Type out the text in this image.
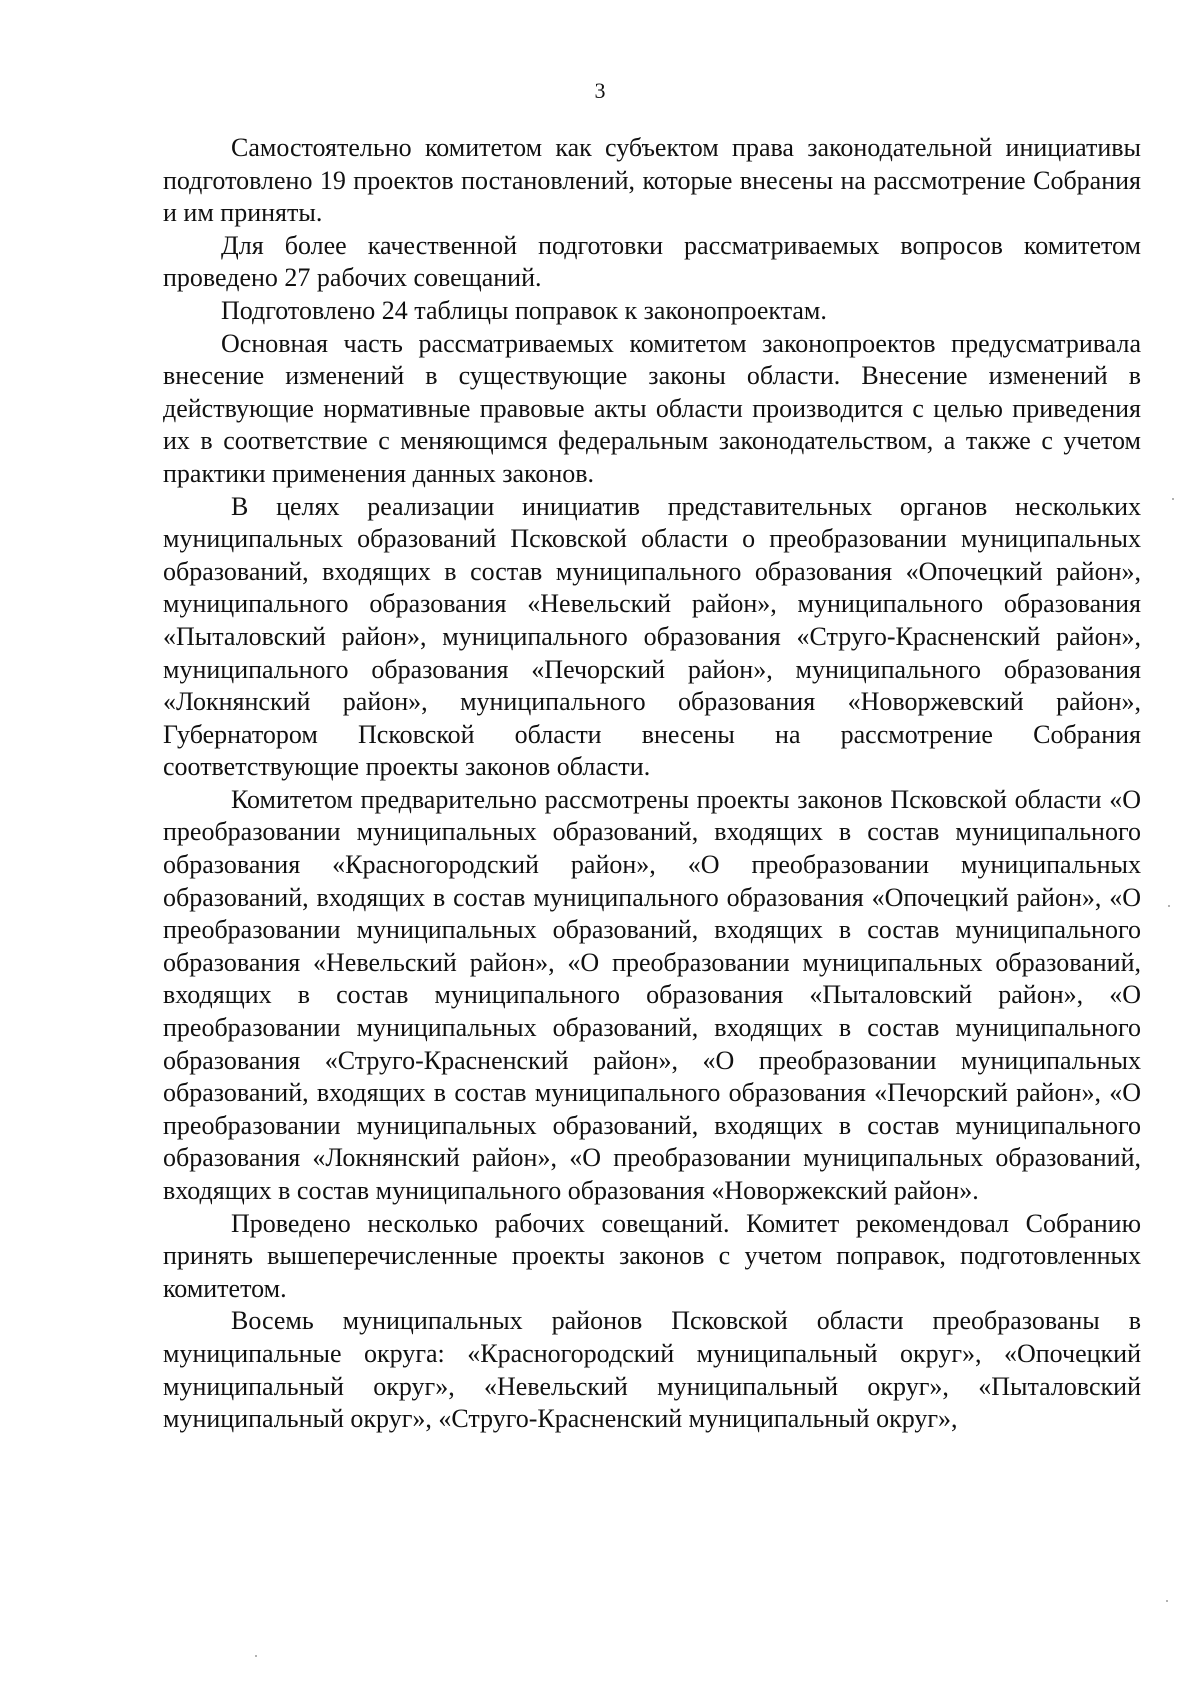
3

Самостоятельно комитетом как субъектом права законодательной инициативы подготовлено 19 проектов постановлений, которые внесены на рассмотрение Собрания и им приняты.

Для более качественной подготовки рассматриваемых вопросов комитетом проведено 27 рабочих совещаний.

Подготовлено 24 таблицы поправок к законопроектам.

Основная часть рассматриваемых комитетом законопроектов предусматривала внесение изменений в существующие законы области. Внесение изменений в действующие нормативные правовые акты области производится с целью приведения их в соответствие с меняющимся федеральным законодательством, а также с учетом практики применения данных законов.

В целях реализации инициатив представительных органов нескольких муниципальных образований Псковской области о преобразовании муниципальных образований, входящих в состав муниципального образования «Опочецкий район», муниципального образования «Невельский район», муниципального образования «Пыталовский район», муниципального образования «Струго-Красненский район», муниципального образования «Печорский район», муниципального образования «Локнянский район», муниципального образования «Новоржевский район», Губернатором Псковской области внесены на рассмотрение Собрания соответствующие проекты законов области.

Комитетом предварительно рассмотрены проекты законов Псковской области «О преобразовании муниципальных образований, входящих в состав муниципального образования «Красногородский район», «О преобразовании муниципальных образований, входящих в состав муниципального образования «Опочецкий район», «О преобразовании муниципальных образований, входящих в состав муниципального образования «Невельский район», «О преобразовании муниципальных образований, входящих в состав муниципального образования «Пыталовский район», «О преобразовании муниципальных образований, входящих в состав муниципального образования «Струго-Красненский район», «О преобразовании муниципальных образований, входящих в состав муниципального образования «Печорский район», «О преобразовании муниципальных образований, входящих в состав муниципального образования «Локнянский район», «О преобразовании муниципальных образований, входящих в состав муниципального образования «Новоржекский район».

Проведено несколько рабочих совещаний. Комитет рекомендовал Собранию принять вышеперечисленные проекты законов с учетом поправок, подготовленных комитетом.

Восемь муниципальных районов Псковской области преобразованы в муниципальные округа: «Красногородский муниципальный округ», «Опочецкий муниципальный округ», «Невельский муниципальный округ», «Пыталовский муниципальный округ», «Струго-Красненский муниципальный округ»,
